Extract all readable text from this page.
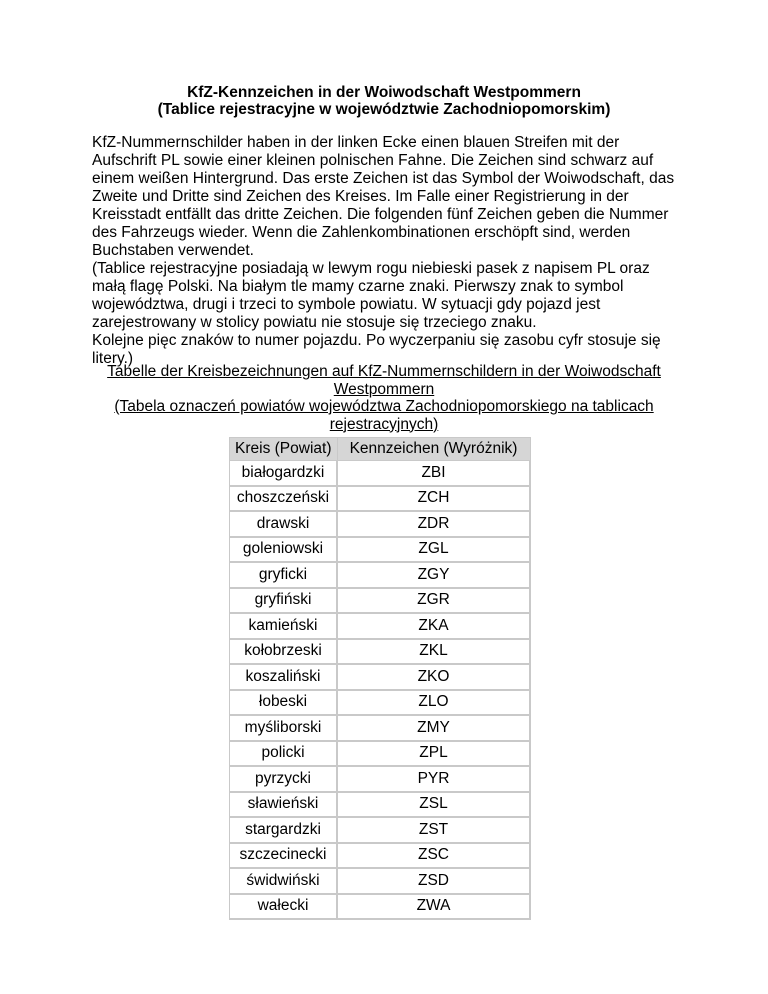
KfZ-Kennzeichen in der Woiwodschaft Westpommern
(Tablice rejestracyjne w województwie Zachodniopomorskim)
KfZ-Nummernschilder haben in der linken Ecke einen blauen Streifen mit der
Aufschrift PL sowie einer kleinen polnischen Fahne. Die Zeichen sind schwarz auf
einem weißen Hintergrund. Das erste Zeichen ist das Symbol der Woiwodschaft, das
Zweite und Dritte sind Zeichen des Kreises. Im Falle einer Registrierung in der
Kreisstadt entfällt das dritte Zeichen. Die folgenden fünf Zeichen geben die Nummer
des Fahrzeugs wieder. Wenn die Zahlenkombinationen erschöpft sind, werden
Buchstaben verwendet.
(Tablice rejestracyjne posiadają w lewym rogu niebieski pasek z napisem PL oraz
małą flagę Polski. Na białym tle mamy czarne znaki. Pierwszy znak to symbol
województwa, drugi i trzeci to symbole powiatu. W sytuacji gdy pojazd jest
zarejestrowany w stolicy powiatu nie stosuje się trzeciego znaku.
Kolejne pięc znaków to numer pojazdu. Po wyczerpaniu się zasobu cyfr stosuje się
litery.)
Tabelle der Kreisbezeichnungen auf KfZ-Nummernschildern in der Woiwodschaft
Westpommern
(Tabela oznaczeń powiatów województwa Zachodniopomorskiego na tablicach
rejestracyjnych)
Kreis (Powiat)	Kennzeichen (Wyróżnik)
białogardzki	ZBI
choszczeński	ZCH
drawski	ZDR
goleniowski	ZGL
gryficki	ZGY
gryfiński	ZGR
kamieński	ZKA
kołobrzeski	ZKL
koszaliński	ZKO
łobeski	ZLO
myśliborski	ZMY
policki	ZPL
pyrzycki	PYR
sławieński	ZSL
stargardzki	ZST
szczecinecki	ZSC
świdwiński	ZSD
wałecki	ZWA
